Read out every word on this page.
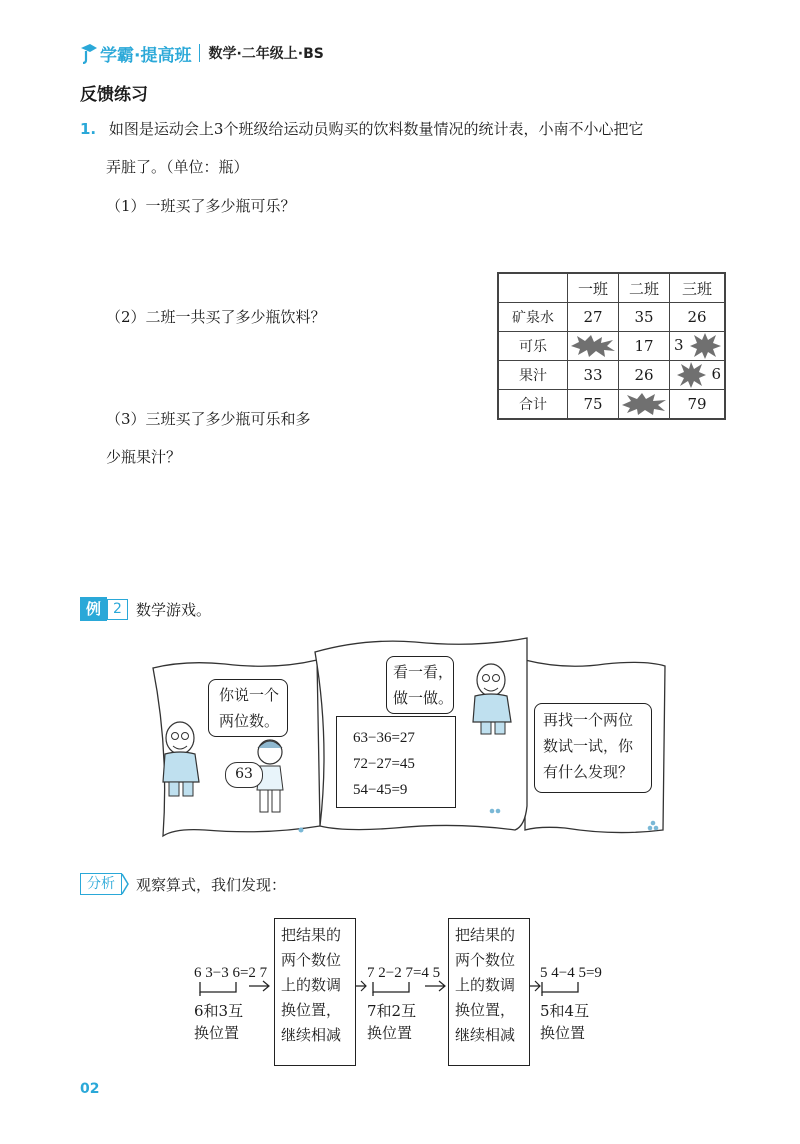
学霸·提高班 数学·二年级上·BS
反馈练习
1. 如图是运动会上3个班级给运动员购买的饮料数量情况的统计表，小南不小心把它
弄脏了。（单位：瓶）
（1）一班买了多少瓶可乐？
（2）二班一共买了多少瓶饮料？
（3）三班买了多少瓶可乐和多
少瓶果汁？
	一班	二班	三班
矿泉水	27	35	26
可乐		17	3
果汁	33	26	6
合计	75		79
例 2 数学游戏。
你说一个
两位数。
63
看一看，
做一做。
63−36=27
72−27=45
54−45=9
再找一个两位
数试一试，你
有什么发现？
分析	观察算式，我们发现：
6 3−3 6=2 7
6和3互
换位置
把结果的
两个数位
上的数调
换位置，
继续相减
7 2−2 7=4 5
7和2互
换位置
把结果的
两个数位
上的数调
换位置，
继续相减
5 4−4 5=9
5和4互
换位置
02
